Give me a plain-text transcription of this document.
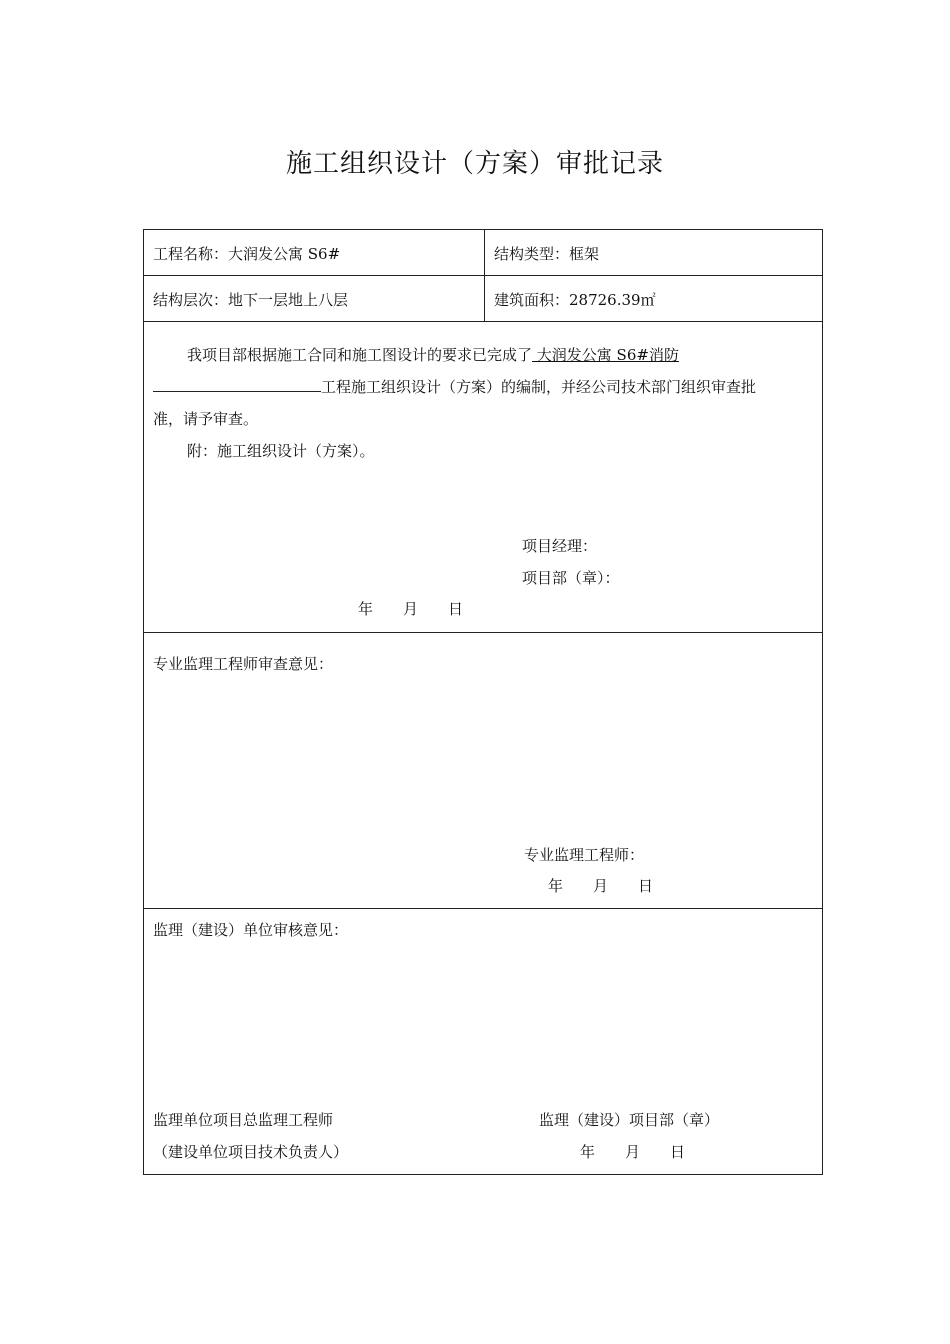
施工组织设计（方案）审批记录
工程名称：大润发公寓 S6#	结构类型：框架
结构层次：地下一层地上八层	建筑面积：28726.39㎡
我项目部根据施工合同和施工图设计的要求已完成了 大润发公寓 S6#消防
工程施工组织设计（方案）的编制，并经公司技术部门组织审查批
准，请予审查。
附：施工组织设计（方案）。
项目经理：
项目部（章）：
年　　月　　日
专业监理工程师审查意见：
专业监理工程师：
年　　月　　日
监理（建设）单位审核意见：
监理单位项目总监理工程师	监理（建设）项目部（章）
（建设单位项目技术负责人）	年　　月　　日
